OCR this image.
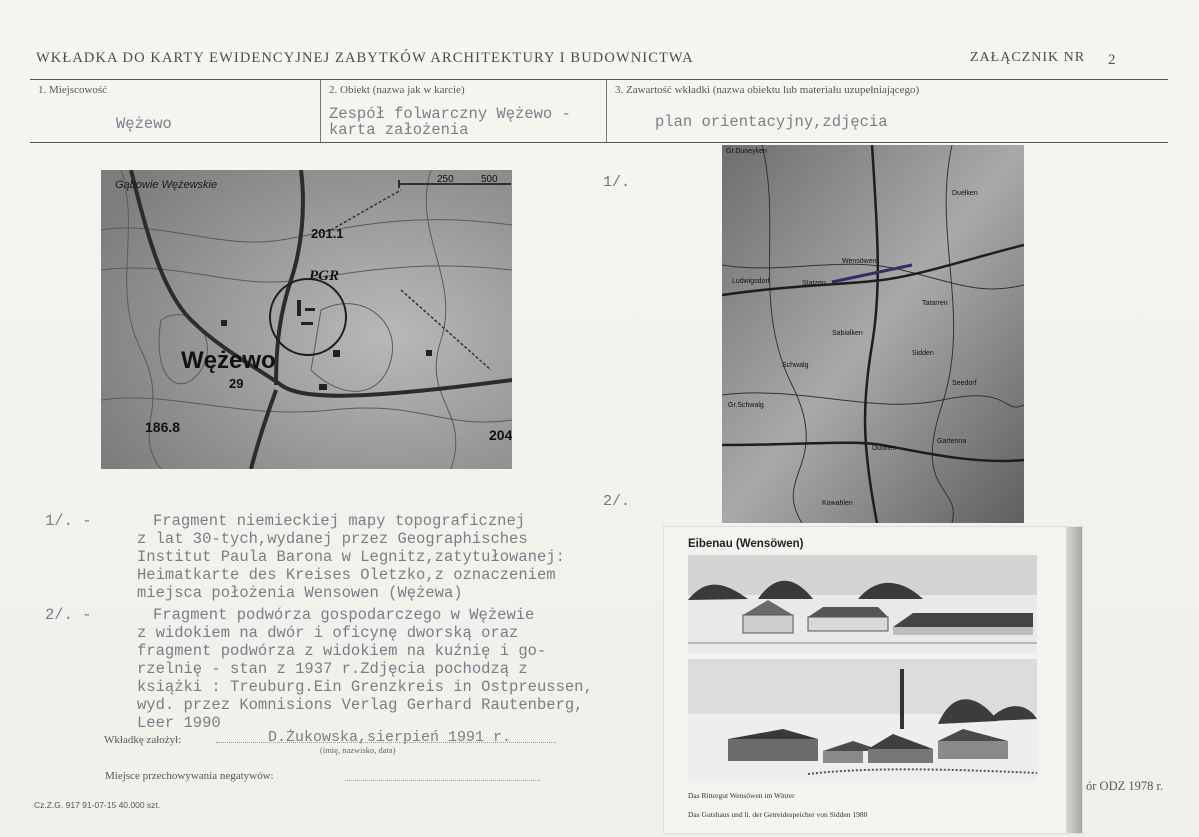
WKŁADKA DO KARTY EWIDENCYJNEJ ZABYTKÓW ARCHITEKTURY I BUDOWNICTWA	ZAŁĄCZNIK NR 2
1. Miejscowość
Wężewo
2. Obiekt (nazwa jak w karcie)
Zespół folwarczny Wężewo -
karta założenia
3. Zawartość wkładki (nazwa obiektu lub materiału uzupełniającego)
plan orientacyjny,zdjęcia
Gąbowie Wężewskie	250	500
201.1
PGR
Wężewo
29
186.8	204
1/.
2/.
Gr.Duneyken
Wensöwen
Statzen
Sabialken
Sidden
Schwalg
Gr.Schwalg
Dudnen
Kowahlen
Tatarren
Gartenna
Ludwigsdorf
Seedorf
Duelken
1/. -	Fragment niemieckiej mapy topograficznej
z lat 30-tych,wydanej przez Geographisches
Institut Paula Barona w Legnitz,zatytułowanej:
Heimatkarte des Kreises Oletzko,z oznaczeniem
miejsca położenia Wensowen (Wężewa)
2/. -	Fragment podwórza gospodarczego w Wężewie
z widokiem na dwór i oficynę dworską oraz
fragment podwórza z widokiem na kuźnię i go-
rzelnię - stan z 1937 r.Zdjęcia pochodzą z
książki : Treuburg.Ein Grenzkreis in Ostpreussen,
wyd. przez Komnisions Verlag Gerhard Rautenberg,
Leer 1990
Wkładkę założył:	D.Żukowska,sierpień 1991 r.
(imię, nazwisko, data)
Miejsce przechowywania negatywów:
Cz.Z.G. 917 91-07-15 40.000 szt.
ór ODZ 1978 r.
Eibenau (Wensöwen)
Das Rittergut Wensöwen im Winter
Das Gutshaus und li. der Getreidespeicher von Sidden 1980
